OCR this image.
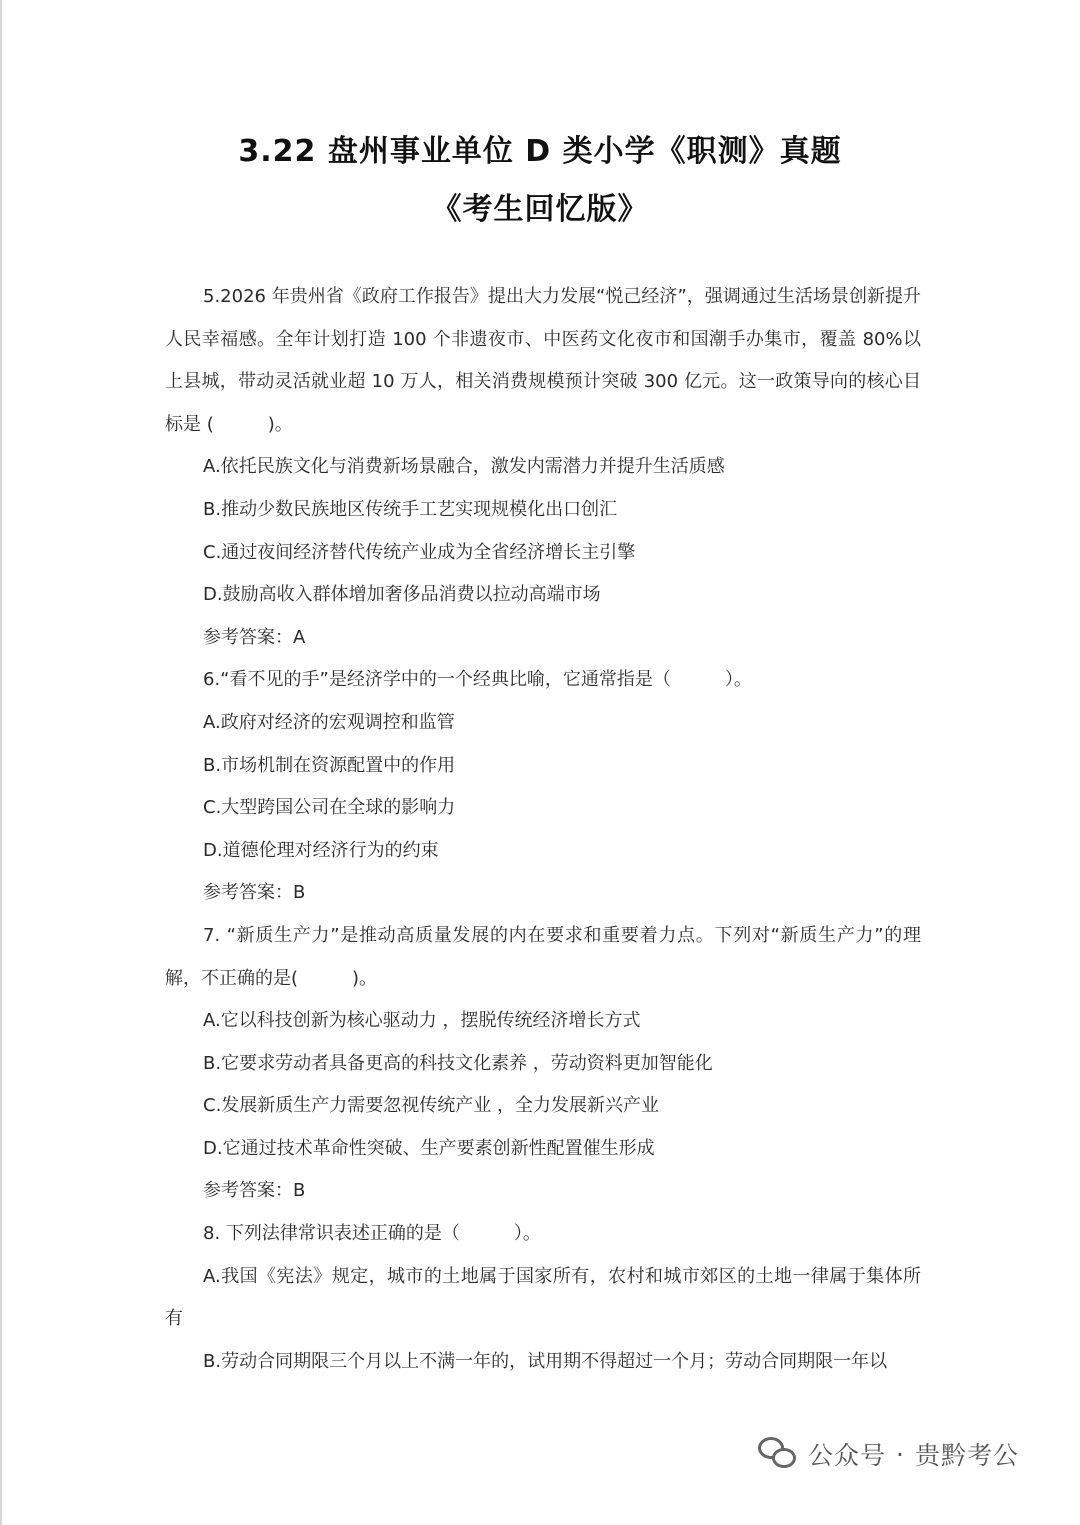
3.22 盘州事业单位 D 类小学《职测》真题
《考生回忆版》

5.2026 年贵州省《政府工作报告》提出大力发展“悦己经济”，强调通过生活场景创新提升人民幸福感。全年计划打造 100 个非遗夜市、中医药文化夜市和国潮手办集市，覆盖 80%以上县城，带动灵活就业超 10 万人，相关消费规模预计突破 300 亿元。这一政策导向的核心目标是 (　　　)。

A.依托民族文化与消费新场景融合，激发内需潜力并提升生活质感

B.推动少数民族地区传统手工艺实现规模化出口创汇

C.通过夜间经济替代传统产业成为全省经济增长主引擎

D.鼓励高收入群体增加奢侈品消费以拉动高端市场

参考答案：A

6.“看不见的手”是经济学中的一个经典比喻，它通常指是（　　　）。

A.政府对经济的宏观调控和监管

B.市场机制在资源配置中的作用

C.大型跨国公司在全球的影响力

D.道德伦理对经济行为的约束

参考答案：B

7. “新质生产力”是推动高质量发展的内在要求和重要着力点。下列对“新质生产力”的理解，不正确的是(　　　)。

A.它以科技创新为核心驱动力 ，摆脱传统经济增长方式

B.它要求劳动者具备更高的科技文化素养 ，劳动资料更加智能化

C.发展新质生产力需要忽视传统产业 ，全力发展新兴产业

D.它通过技术革命性突破、生产要素创新性配置催生形成

参考答案：B

8. 下列法律常识表述正确的是（　　　）。

A.我国《宪法》规定，城市的土地属于国家所有，农村和城市郊区的土地一律属于集体所有

B.劳动合同期限三个月以上不满一年的，试用期不得超过一个月；劳动合同期限一年以

公众号 · 贵黔考公
